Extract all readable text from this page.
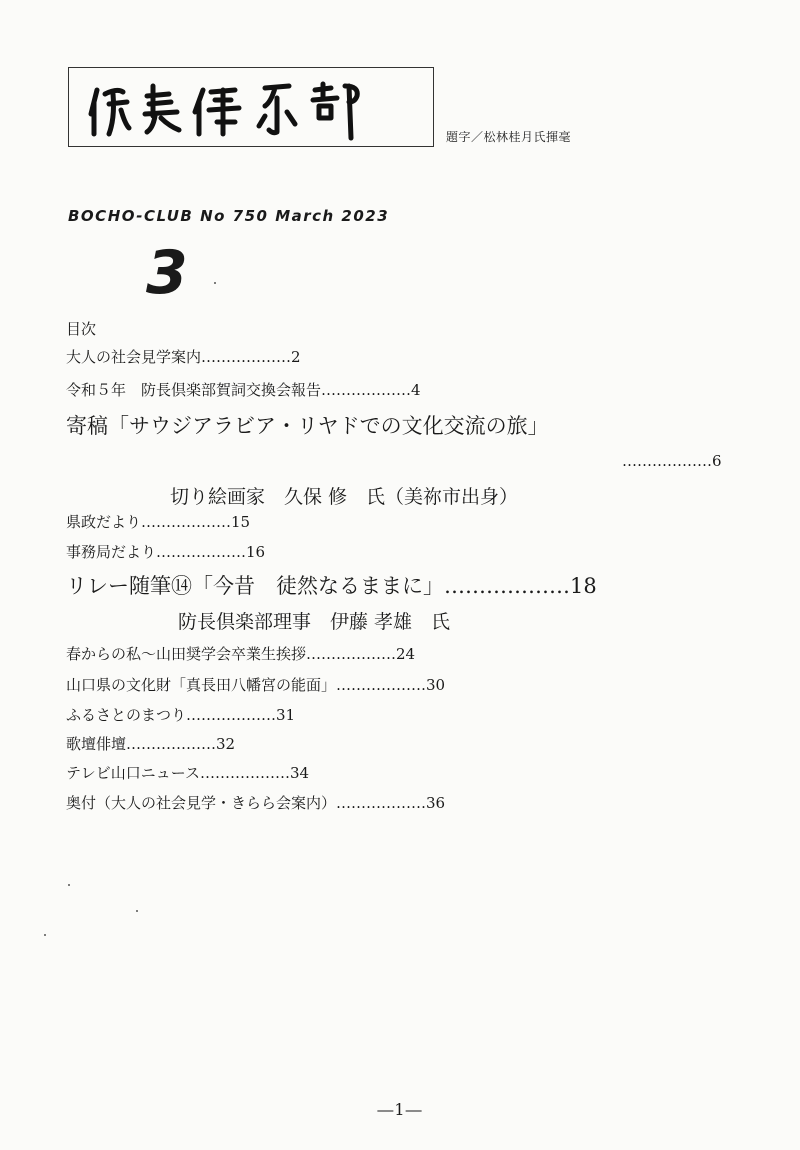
題字／松林桂月氏揮毫
BOCHO-CLUB No 750 March 2023
3
目次
大人の社会見学案内………………2
令和５年　防長倶楽部賀詞交換会報告………………4
寄稿「サウジアラビア・リヤドでの文化交流の旅」
………………6
切り絵画家　久保 修　氏（美祢市出身）
県政だより………………15
事務局だより………………16
リレー随筆⑭「今昔　徒然なるままに」………………18
防長倶楽部理事　伊藤 孝雄　氏
春からの私〜山田奨学会卒業生挨拶………………24
山口県の文化財「真長田八幡宮の能面」………………30
ふるさとのまつり………………31
歌壇俳壇………………32
テレビ山口ニュース………………34
奥付（大人の社会見学・きらら会案内）………………36
―1―
